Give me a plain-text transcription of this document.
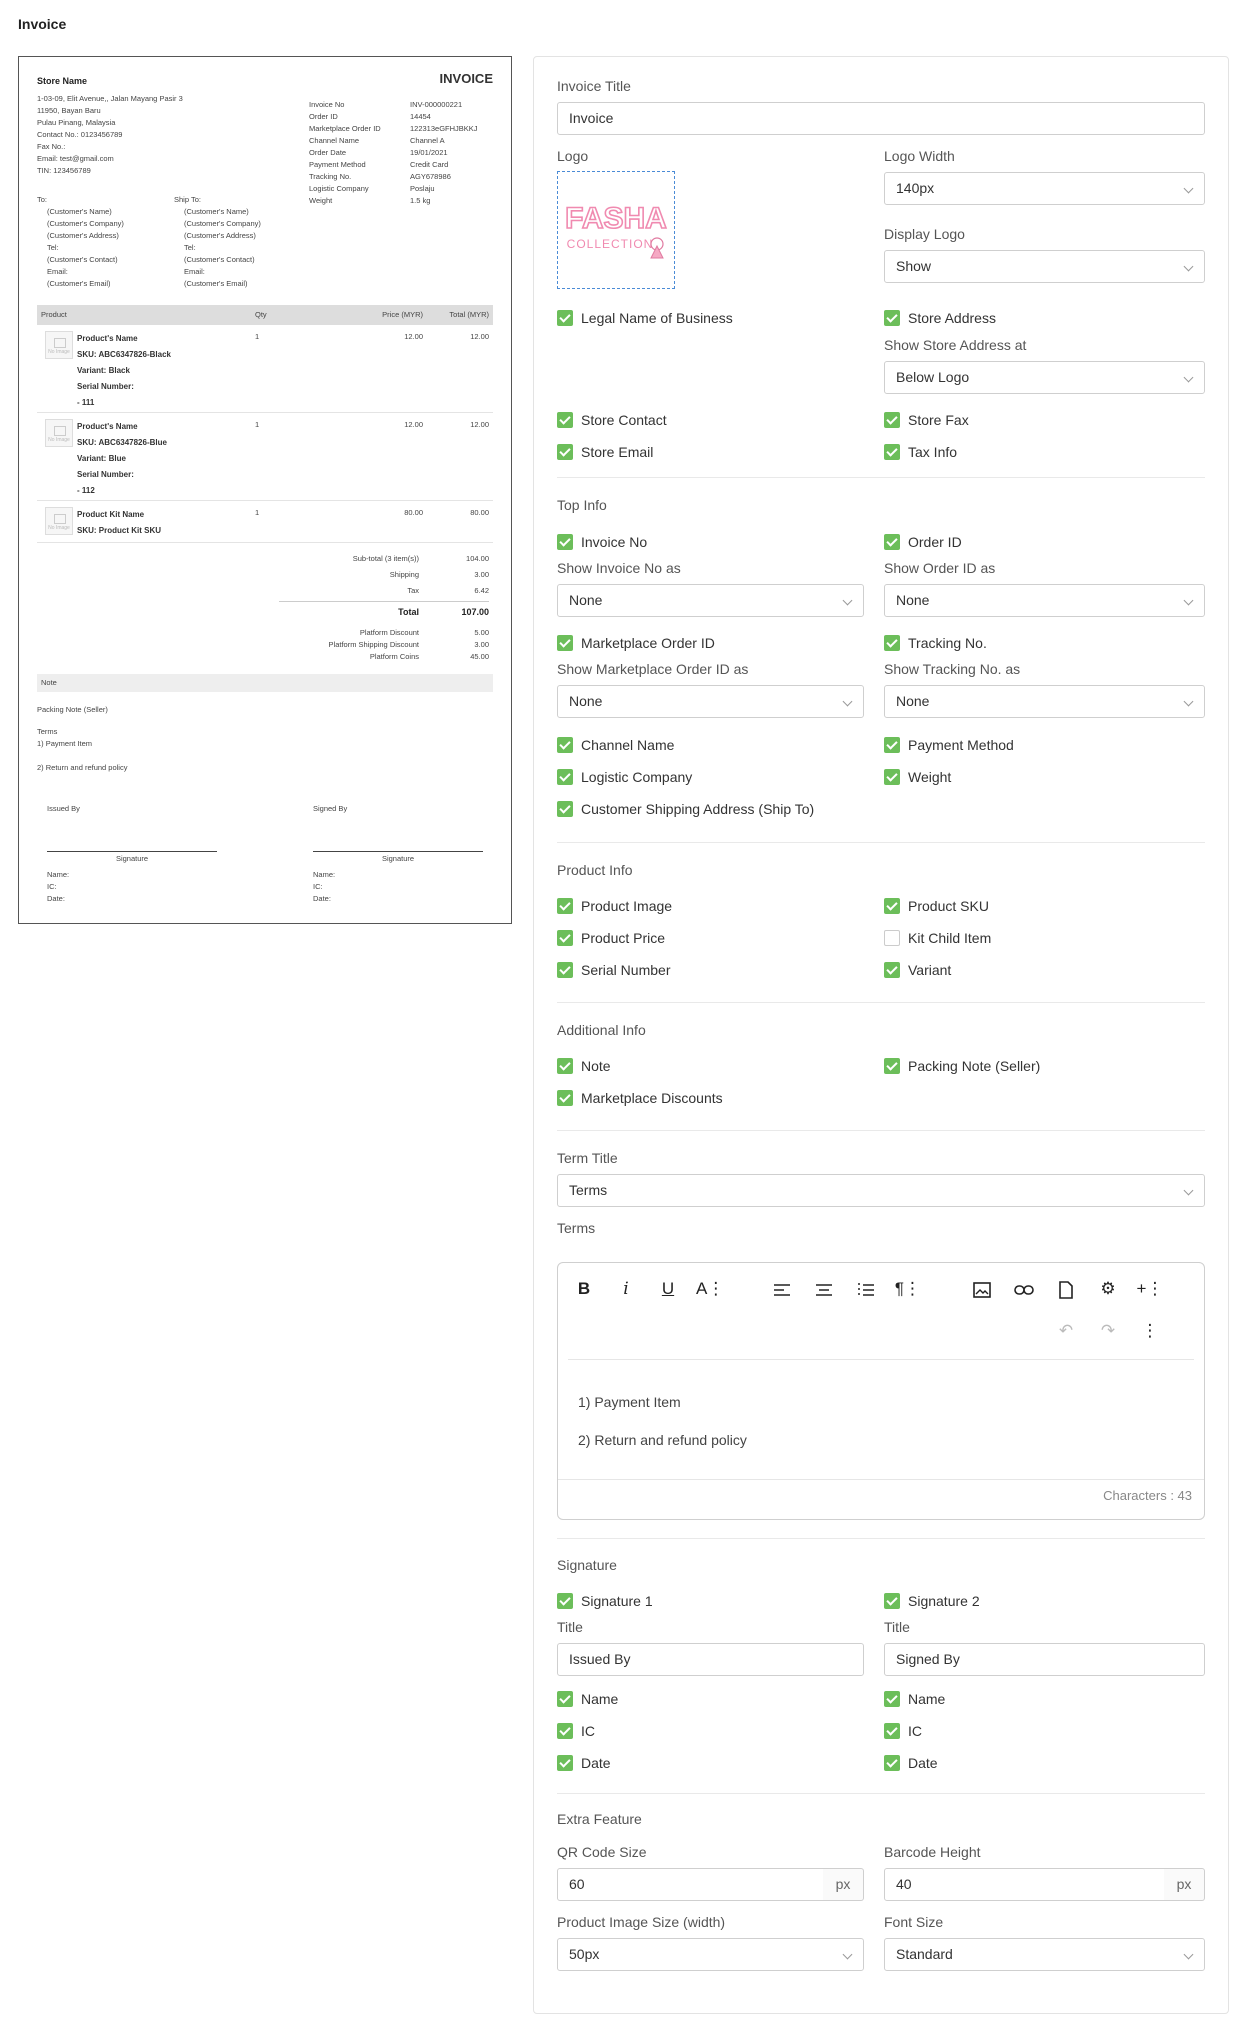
Invoice
Store Name	INVOICE
1-03-09, Elit Avenue,, Jalan Mayang Pasir 3
11950, Bayan Baru
Pulau Pinang, Malaysia
Contact No.: 0123456789
Fax No.:
Email: test@gmail.com
TIN: 123456789
Invoice No	INV-000000221
Order ID	14454
Marketplace Order ID	122313eGFHJBKKJ
Channel Name	Channel A
Order Date	19/01/2021
Payment Method	Credit Card
Tracking No.	AGY678986
Logistic Company	Poslaju
Weight	1.5 kg
To:
(Customer's Name)
(Customer's Company)
(Customer's Address)
Tel:
(Customer's Contact)
Email:
(Customer's Email)
Ship To:
(Customer's Name)
(Customer's Company)
(Customer's Address)
Tel:
(Customer's Contact)
Email:
(Customer's Email)
Product	Qty	Price (MYR)	Total (MYR)
No Image
Product's Name
SKU: ABC6347826-Black
Variant: Black
Serial Number:
- 111
1	12.00	12.00
No Image
Product's Name
SKU: ABC6347826-Blue
Variant: Blue
Serial Number:
- 112
1	12.00	12.00
No Image
Product Kit Name
SKU: Product Kit SKU
1	80.00	80.00
Sub-total (3 item(s))	104.00
Shipping	3.00
Tax	6.42
Total	107.00
Platform Discount	5.00
Platform Shipping Discount	3.00
Platform Coins	45.00
Note
Packing Note (Seller)
Terms
1) Payment Item
2) Return and refund policy
Issued By
Signature
Name:
IC:
Date:
Signed By
Signature
Name:
IC:
Date:
Invoice Title
Invoice
Logo
FASHA
COLLECTION
Logo Width
140px
Display Logo
Show
Legal Name of Business	Store Address
Show Store Address at
Below Logo
Store Contact	Store Fax
Store Email	Tax Info
Top Info
Invoice No	Order ID
Show Invoice No as	Show Order ID as
None	None
Marketplace Order ID	Tracking No.
Show Marketplace Order ID as	Show Tracking No. as
None	None
Channel Name	Payment Method
Logistic Company	Weight
Customer Shipping Address (Ship To)
Product Info
Product Image	Product SKU
Product Price	Kit Child Item
Serial Number	Variant
Additional Info
Note	Packing Note (Seller)
Marketplace Discounts
Term Title
Terms
Terms
B	i	U	A⋮	¶⋮	⚙	+⋮
↶	↷	⋮
1) Payment Item
2) Return and refund policy
Characters : 43
Signature
Signature 1	Signature 2
Title	Title
Issued By	Signed By
Name	Name
IC	IC
Date	Date
Extra Feature
QR Code Size	Barcode Height
60	px	40	px
Product Image Size (width)	Font Size
50px	Standard
